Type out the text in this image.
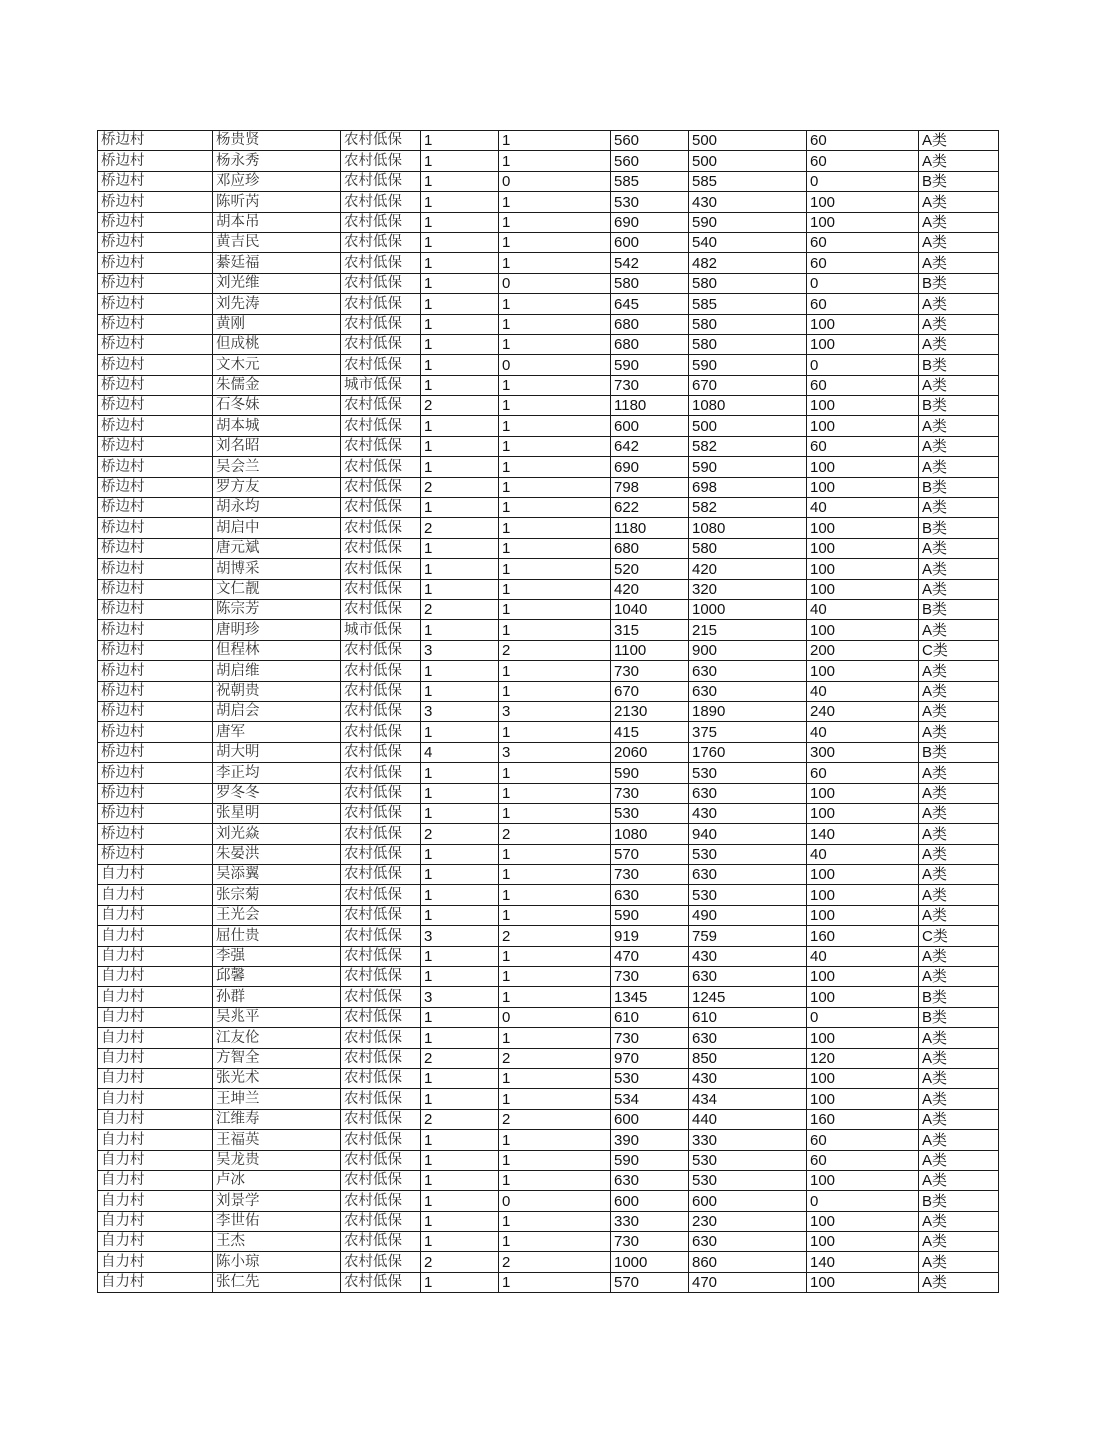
桥边村	杨贵贤	农村低保	1	1	560	500	60	A类
桥边村	杨永秀	农村低保	1	1	560	500	60	A类
桥边村	邓应珍	农村低保	1	0	585	585	0	B类
桥边村	陈听芮	农村低保	1	1	530	430	100	A类
桥边村	胡本吊	农村低保	1	1	690	590	100	A类
桥边村	黄吉民	农村低保	1	1	600	540	60	A类
桥边村	綦廷福	农村低保	1	1	542	482	60	A类
桥边村	刘光维	农村低保	1	0	580	580	0	B类
桥边村	刘先涛	农村低保	1	1	645	585	60	A类
桥边村	黄刚	农村低保	1	1	680	580	100	A类
桥边村	但成桃	农村低保	1	1	680	580	100	A类
桥边村	文木元	农村低保	1	0	590	590	0	B类
桥边村	朱儒金	城市低保	1	1	730	670	60	A类
桥边村	石冬妹	农村低保	2	1	1180	1080	100	B类
桥边村	胡本城	农村低保	1	1	600	500	100	A类
桥边村	刘名昭	农村低保	1	1	642	582	60	A类
桥边村	吴会兰	农村低保	1	1	690	590	100	A类
桥边村	罗方友	农村低保	2	1	798	698	100	B类
桥边村	胡永均	农村低保	1	1	622	582	40	A类
桥边村	胡启中	农村低保	2	1	1180	1080	100	B类
桥边村	唐元斌	农村低保	1	1	680	580	100	A类
桥边村	胡博采	农村低保	1	1	520	420	100	A类
桥边村	文仁靓	农村低保	1	1	420	320	100	A类
桥边村	陈宗芳	农村低保	2	1	1040	1000	40	B类
桥边村	唐明珍	城市低保	1	1	315	215	100	A类
桥边村	但程林	农村低保	3	2	1100	900	200	C类
桥边村	胡启维	农村低保	1	1	730	630	100	A类
桥边村	祝朝贵	农村低保	1	1	670	630	40	A类
桥边村	胡启会	农村低保	3	3	2130	1890	240	A类
桥边村	唐军	农村低保	1	1	415	375	40	A类
桥边村	胡大明	农村低保	4	3	2060	1760	300	B类
桥边村	李正均	农村低保	1	1	590	530	60	A类
桥边村	罗冬冬	农村低保	1	1	730	630	100	A类
桥边村	张星明	农村低保	1	1	530	430	100	A类
桥边村	刘光焱	农村低保	2	2	1080	940	140	A类
桥边村	朱晏洪	农村低保	1	1	570	530	40	A类
自力村	吴添翼	农村低保	1	1	730	630	100	A类
自力村	张宗菊	农村低保	1	1	630	530	100	A类
自力村	王光会	农村低保	1	1	590	490	100	A类
自力村	屈仕贵	农村低保	3	2	919	759	160	C类
自力村	李强	农村低保	1	1	470	430	40	A类
自力村	邱馨	农村低保	1	1	730	630	100	A类
自力村	孙群	农村低保	3	1	1345	1245	100	B类
自力村	吴兆平	农村低保	1	0	610	610	0	B类
自力村	江友伦	农村低保	1	1	730	630	100	A类
自力村	方智全	农村低保	2	2	970	850	120	A类
自力村	张光术	农村低保	1	1	530	430	100	A类
自力村	王坤兰	农村低保	1	1	534	434	100	A类
自力村	江维寿	农村低保	2	2	600	440	160	A类
自力村	王福英	农村低保	1	1	390	330	60	A类
自力村	吴龙贵	农村低保	1	1	590	530	60	A类
自力村	卢冰	农村低保	1	1	630	530	100	A类
自力村	刘景学	农村低保	1	0	600	600	0	B类
自力村	李世佑	农村低保	1	1	330	230	100	A类
自力村	王杰	农村低保	1	1	730	630	100	A类
自力村	陈小琼	农村低保	2	2	1000	860	140	A类
自力村	张仁先	农村低保	1	1	570	470	100	A类
